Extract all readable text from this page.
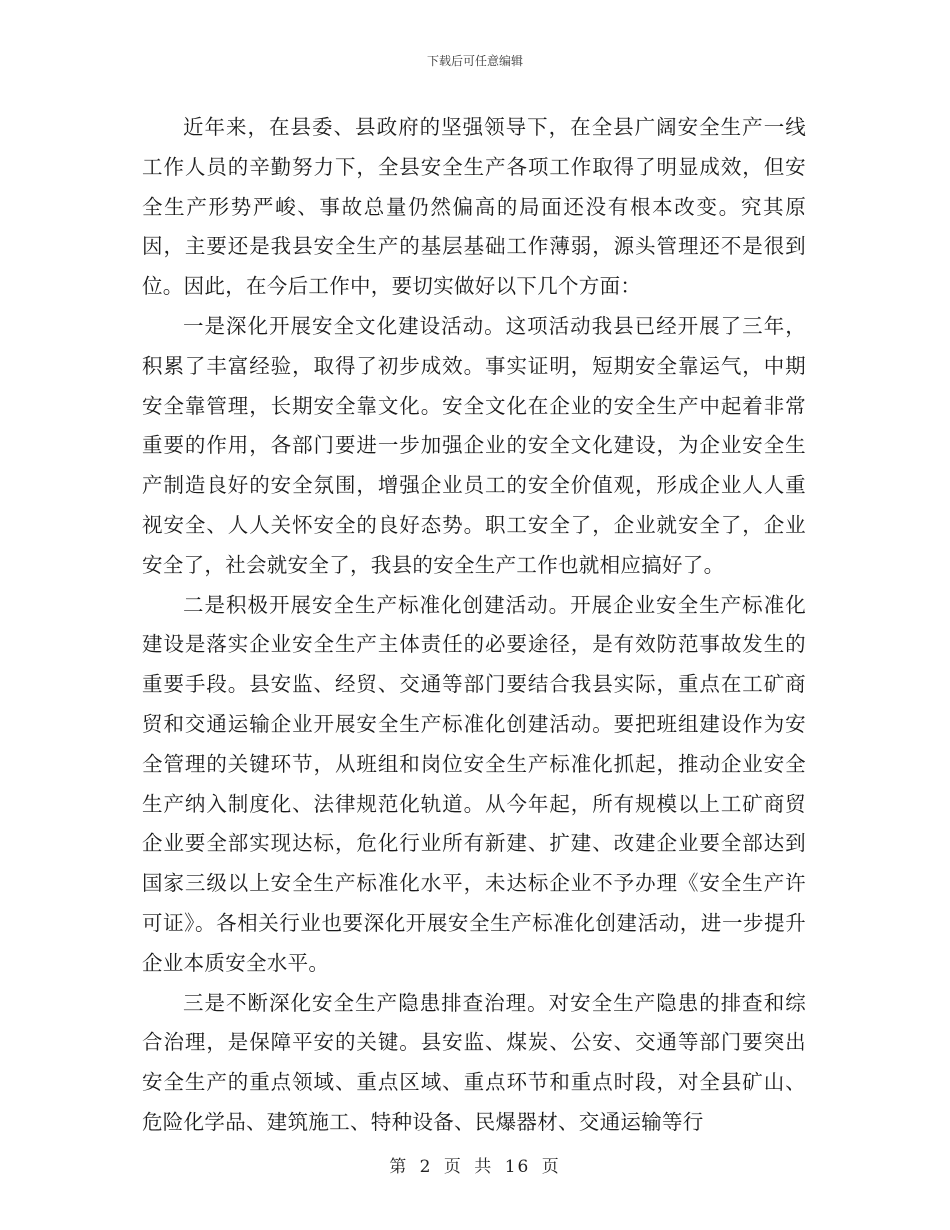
下载后可任意编辑

近年来，在县委、县政府的坚强领导下，在全县广阔安全生产一线工作人员的辛勤努力下，全县安全生产各项工作取得了明显成效，但安全生产形势严峻、事故总量仍然偏高的局面还没有根本改变。究其原因，主要还是我县安全生产的基层基础工作薄弱，源头管理还不是很到位。因此，在今后工作中，要切实做好以下几个方面：

一是深化开展安全文化建设活动。这项活动我县已经开展了三年，积累了丰富经验，取得了初步成效。事实证明，短期安全靠运气，中期安全靠管理，长期安全靠文化。安全文化在企业的安全生产中起着非常重要的作用，各部门要进一步加强企业的安全文化建设，为企业安全生产制造良好的安全氛围，增强企业员工的安全价值观，形成企业人人重视安全、人人关怀安全的良好态势。职工安全了，企业就安全了，企业安全了，社会就安全了，我县的安全生产工作也就相应搞好了。

二是积极开展安全生产标准化创建活动。开展企业安全生产标准化建设是落实企业安全生产主体责任的必要途径，是有效防范事故发生的重要手段。县安监、经贸、交通等部门要结合我县实际，重点在工矿商贸和交通运输企业开展安全生产标准化创建活动。要把班组建设作为安全管理的关键环节，从班组和岗位安全生产标准化抓起，推动企业安全生产纳入制度化、法律规范化轨道。从今年起，所有规模以上工矿商贸企业要全部实现达标，危化行业所有新建、扩建、改建企业要全部达到国家三级以上安全生产标准化水平，未达标企业不予办理《安全生产许可证》。各相关行业也要深化开展安全生产标准化创建活动，进一步提升企业本质安全水平。

三是不断深化安全生产隐患排查治理。对安全生产隐患的排查和综合治理，是保障平安的关键。县安监、煤炭、公安、交通等部门要突出安全生产的重点领域、重点区域、重点环节和重点时段，对全县矿山、危险化学品、建筑施工、特种设备、民爆器材、交通运输等行

第 2 页 共 16 页
